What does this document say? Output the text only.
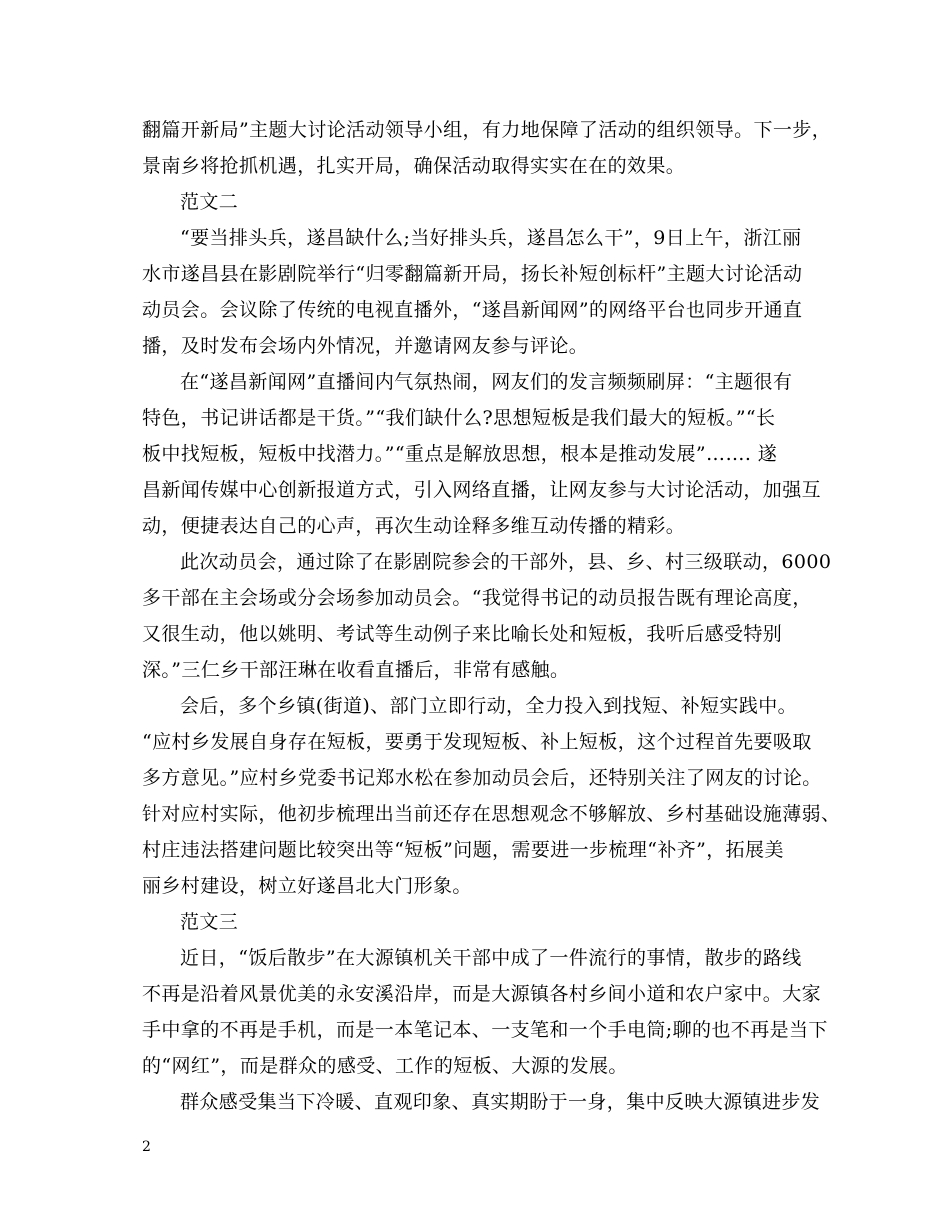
翻篇开新局”主题大讨论活动领导小组，有力地保障了活动的组织领导。下一步，
景南乡将抢抓机遇，扎实开局，确保活动取得实实在在的效果。
范文二
“要当排头兵，遂昌缺什么;当好排头兵，遂昌怎么干”，9日上午，浙江丽
水市遂昌县在影剧院举行“归零翻篇新开局，扬长补短创标杆”主题大讨论活动
动员会。会议除了传统的电视直播外，“遂昌新闻网”的网络平台也同步开通直
播，及时发布会场内外情况，并邀请网友参与评论。
在“遂昌新闻网”直播间内气氛热闹，网友们的发言频频刷屏：“主题很有
特色，书记讲话都是干货。”“我们缺什么?思想短板是我们最大的短板。”“长
板中找短板，短板中找潜力。”“重点是解放思想，根本是推动发展”……. 遂
昌新闻传媒中心创新报道方式，引入网络直播，让网友参与大讨论活动，加强互
动，便捷表达自己的心声，再次生动诠释多维互动传播的精彩。
此次动员会，通过除了在影剧院参会的干部外，县、乡、村三级联动，6000
多干部在主会场或分会场参加动员会。“我觉得书记的动员报告既有理论高度，
又很生动，他以姚明、考试等生动例子来比喻长处和短板，我听后感受特别
深。”三仁乡干部汪琳在收看直播后，非常有感触。
会后，多个乡镇(街道)、部门立即行动，全力投入到找短、补短实践中。
“应村乡发展自身存在短板，要勇于发现短板、补上短板，这个过程首先要吸取
多方意见。”应村乡党委书记郑水松在参加动员会后，还特别关注了网友的讨论。
针对应村实际，他初步梳理出当前还存在思想观念不够解放、乡村基础设施薄弱、
村庄违法搭建问题比较突出等“短板”问题，需要进一步梳理“补齐”，拓展美
丽乡村建设，树立好遂昌北大门形象。
范文三
近日，“饭后散步”在大源镇机关干部中成了一件流行的事情，散步的路线
不再是沿着风景优美的永安溪沿岸，而是大源镇各村乡间小道和农户家中。大家
手中拿的不再是手机，而是一本笔记本、一支笔和一个手电筒;聊的也不再是当下
的“网红”，而是群众的感受、工作的短板、大源的发展。
群众感受集当下冷暖、直观印象、真实期盼于一身，集中反映大源镇进步发
2
